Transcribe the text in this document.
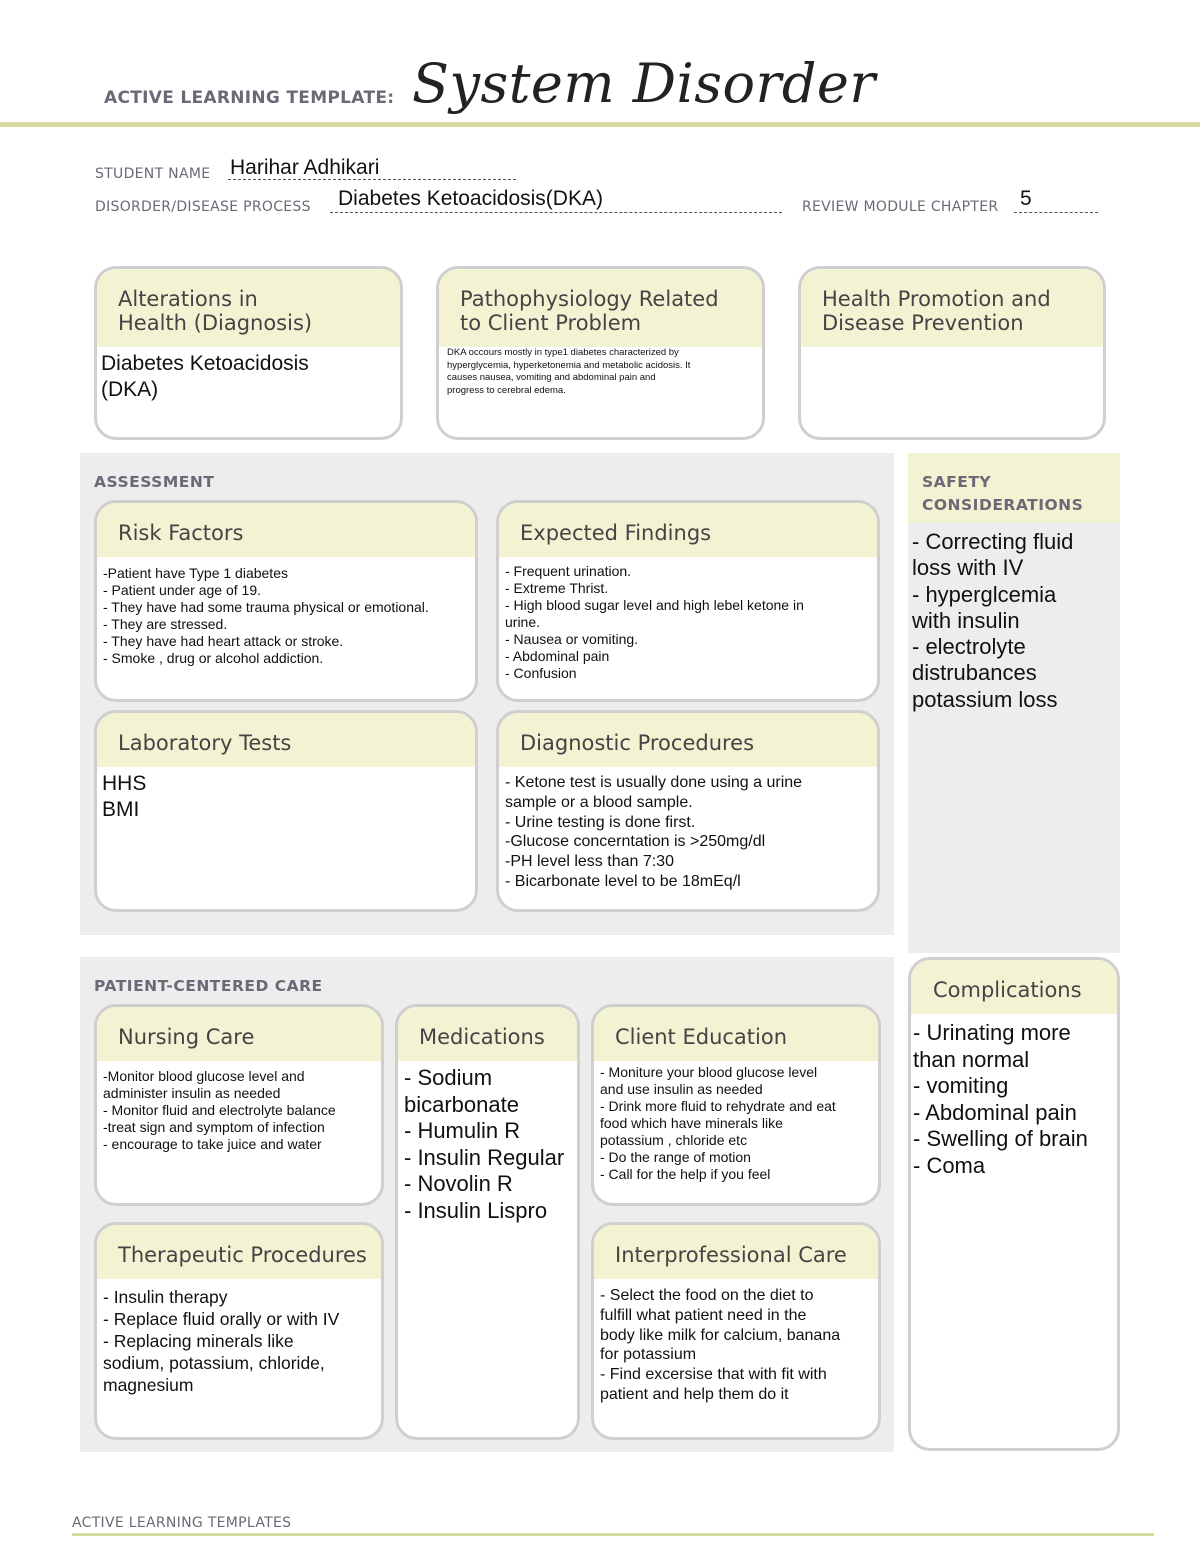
ACTIVE LEARNING TEMPLATE: System Disorder
STUDENT NAME Harihar Adhikari
DISORDER/DISEASE PROCESS Diabetes Ketoacidosis(DKA)	REVIEW MODULE CHAPTER 5
Alterations in
Health (Diagnosis)
Diabetes Ketoacidosis
(DKA)
Pathophysiology Related
to Client Problem
DKA occours mostly in type1 diabetes characterized by
hyperglycemia, hyperketonemia and metabolic acidosis. It
causes nausea, vomiting and abdominal pain and
progress to cerebral edema.
Health Promotion and
Disease Prevention
ASSESSMENT
Risk Factors
-Patient have Type 1 diabetes
- Patient under age of 19.
- They have had some trauma physical or emotional.
- They are stressed.
- They have had heart attack or stroke.
- Smoke , drug or alcohol addiction.
Expected Findings
- Frequent urination.
- Extreme Thrist.
- High blood sugar level and high lebel ketone in
urine.
- Nausea or vomiting.
- Abdominal pain
- Confusion
Laboratory Tests
HHS
BMI
Diagnostic Procedures
- Ketone test is usually done using a urine
sample or a blood sample.
- Urine testing is done first.
-Glucose concerntation is >250mg/dl
-PH level less than 7:30
- Bicarbonate level to be 18mEq/l
SAFETY
CONSIDERATIONS
- Correcting fluid
loss with IV
- hyperglcemia
with insulin
- electrolyte
distrubances
potassium loss
PATIENT-CENTERED CARE
Nursing Care
-Monitor blood glucose level and
administer insulin as needed
- Monitor fluid and electrolyte balance
-treat sign and symptom of infection
- encourage to take juice and water
Medications
- Sodium
bicarbonate
- Humulin R
- Insulin Regular
- Novolin R
- Insulin Lispro
Client Education
- Moniture your blood glucose level
and use insulin as needed
- Drink more fluid to rehydrate and eat
food which have minerals like
potassium , chloride etc
- Do the range of motion
- Call for the help if you feel
Therapeutic Procedures
- Insulin therapy
- Replace fluid orally or with IV
- Replacing minerals like
sodium, potassium, chloride,
magnesium
Interprofessional Care
- Select the food on the diet to
fulfill what patient need in the
body like milk for calcium, banana
for potassium
- Find excersise that with fit with
patient and help them do it
Complications
- Urinating more
than normal
- vomiting
- Abdominal pain
- Swelling of brain
- Coma
ACTIVE LEARNING TEMPLATES
